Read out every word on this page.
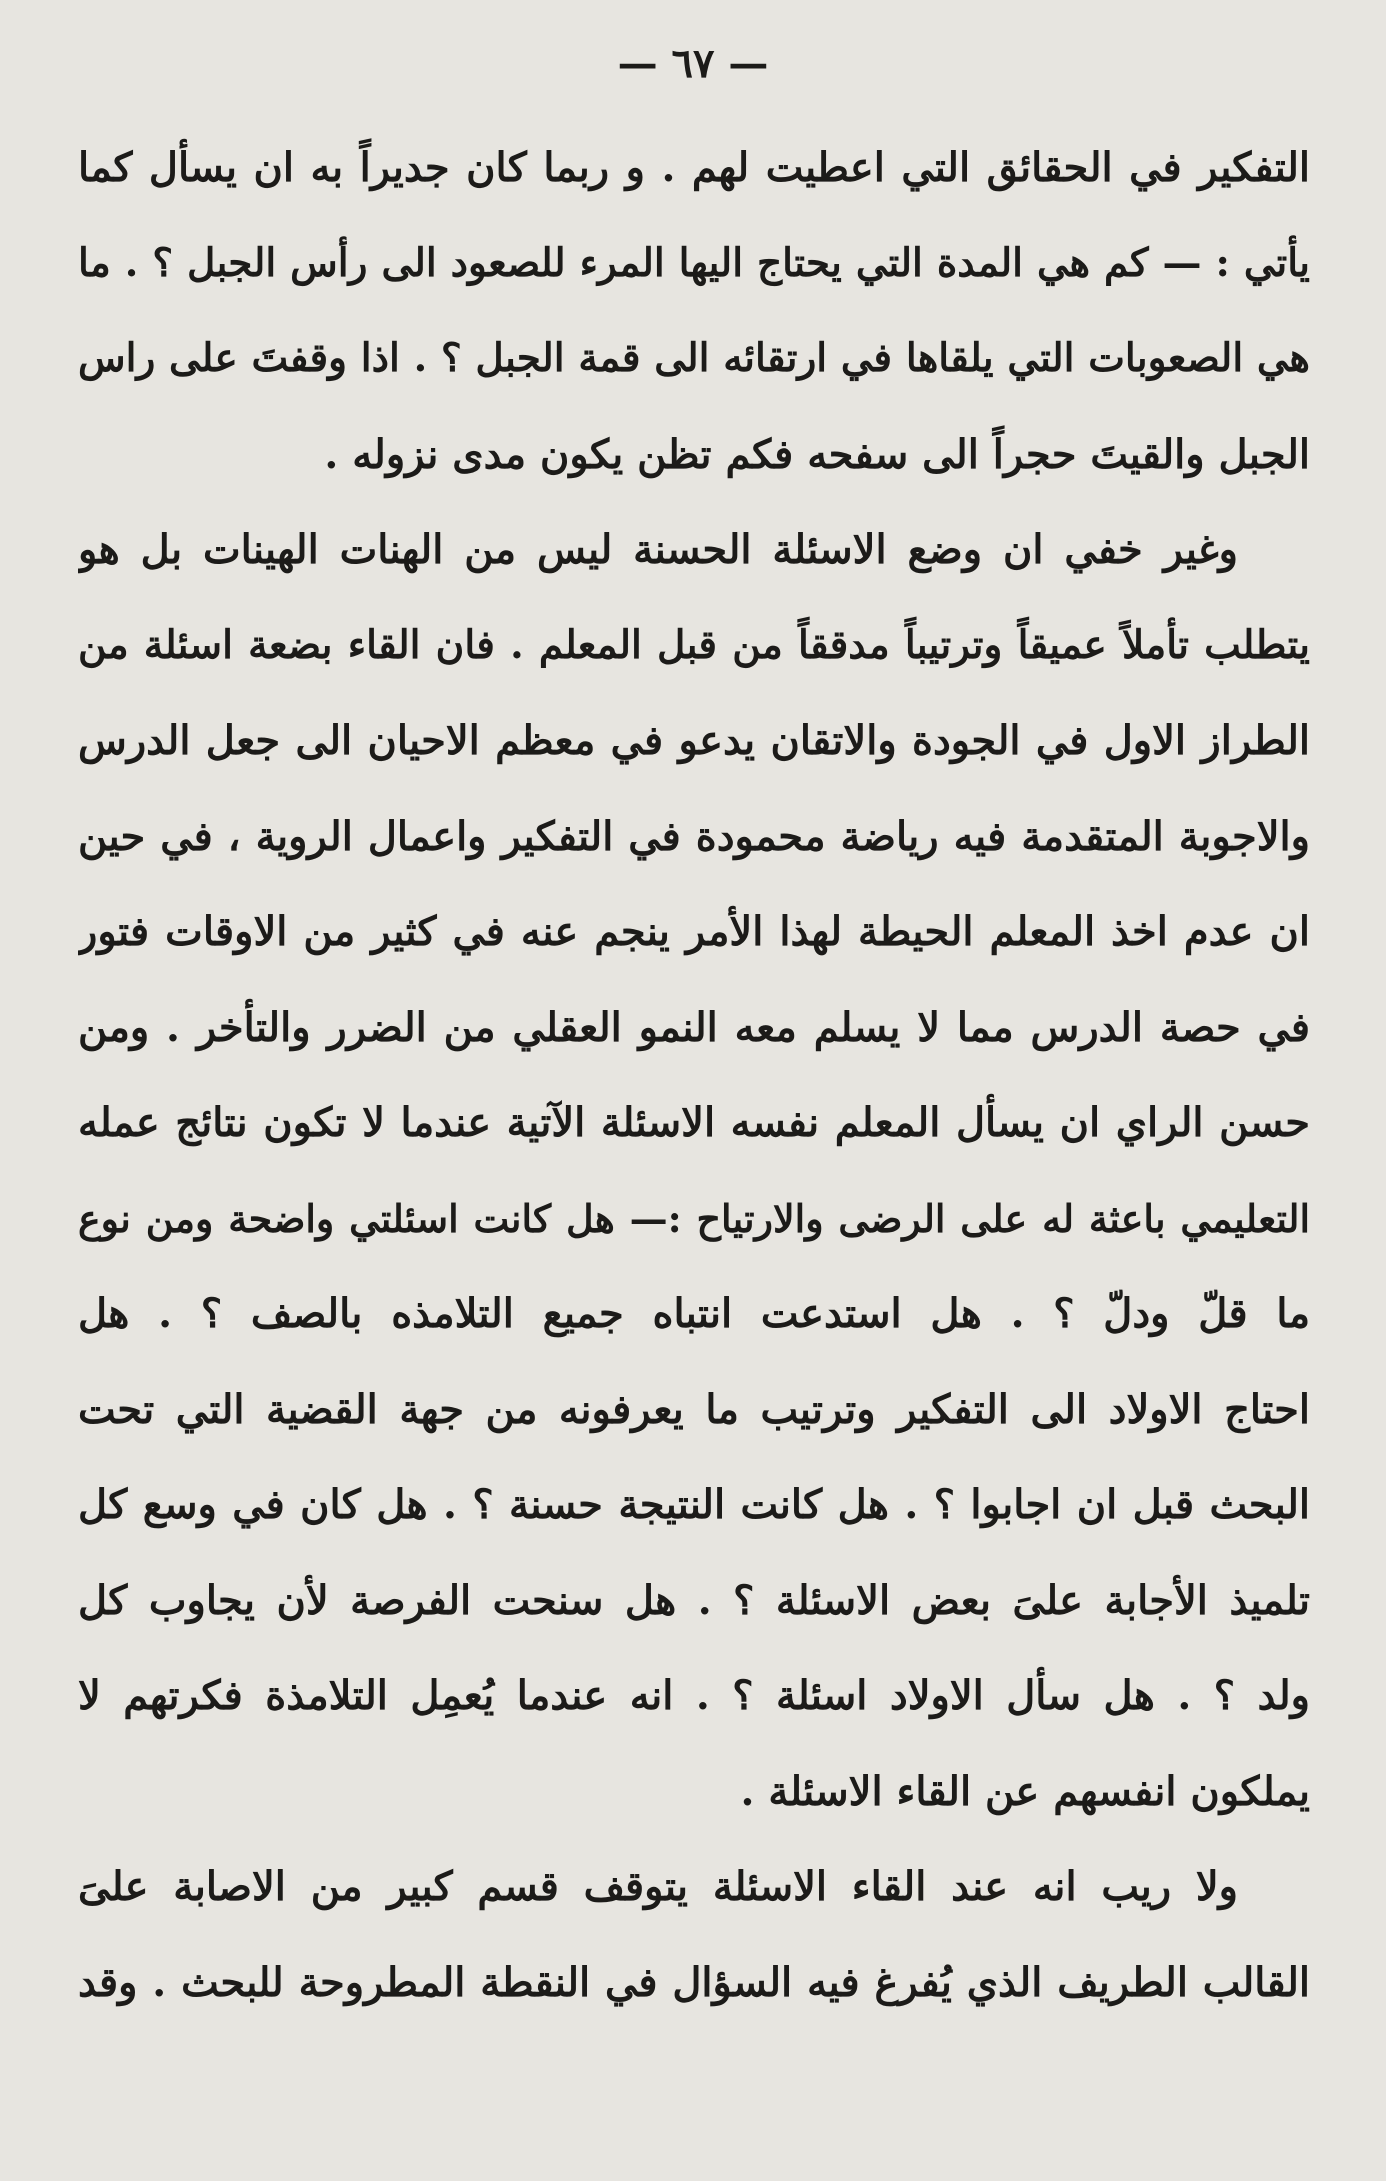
— ٦٧ —
التفكير في الحقائق التي اعطيت لهم . و ربما كان جديراً به ان يسأل كما
يأتي : — كم هي المدة التي يحتاج اليها المرء للصعود الى رأس الجبل ؟ . ما
هي الصعوبات التي يلقاها في ارتقائه الى قمة الجبل ؟ . اذا وقفتَ على راس
الجبل والقيتَ حجراً الى سفحه فكم تظن يكون مدى نزوله .
وغير خفي ان وضع الاسئلة الحسنة ليس من الهنات الهينات بل هو
يتطلب تأملاً عميقاً وترتيباً مدققاً من قبل المعلم . فان القاء بضعة اسئلة من
الطراز الاول في الجودة والاتقان يدعو في معظم الاحيان الى جعل الدرس
والاجوبة المتقدمة فيه رياضة محمودة في التفكير واعمال الروية ، في حين
ان عدم اخذ المعلم الحيطة لهذا الأمر ينجم عنه في كثير من الاوقات فتور
في حصة الدرس مما لا يسلم معه النمو العقلي من الضرر والتأخر . ومن
حسن الراي ان يسأل المعلم نفسه الاسئلة الآتية عندما لا تكون نتائج عمله
التعليمي باعثة له على الرضى والارتياح :— هل كانت اسئلتي واضحة ومن نوع
ما قلّ ودلّ ؟ . هل استدعت انتباه جميع التلامذه بالصف ؟ . هل
احتاج الاولاد الى التفكير وترتيب ما يعرفونه من جهة القضية التي تحت
البحث قبل ان اجابوا ؟ . هل كانت النتيجة حسنة ؟ . هل كان في وسع كل
تلميذ الأجابة علىَ بعض الاسئلة ؟ . هل سنحت الفرصة لأن يجاوب كل
ولد ؟ . هل سأل الاولاد اسئلة ؟ . انه عندما يُعمِل التلامذة فكرتهم لا
يملكون انفسهم عن القاء الاسئلة .
ولا ريب انه عند القاء الاسئلة يتوقف قسم كبير من الاصابة علىَ
القالب الطريف الذي يُفرغ فيه السؤال في النقطة المطروحة للبحث . وقد
